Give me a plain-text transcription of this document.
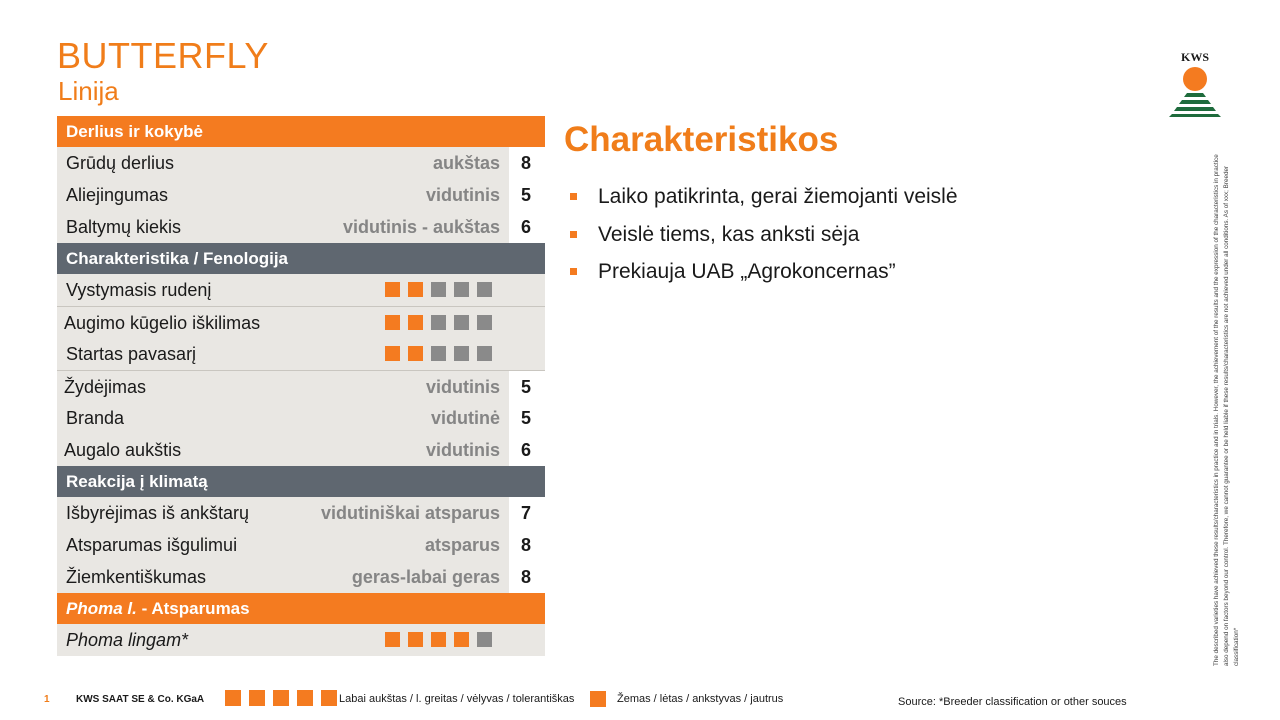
BUTTERFLY
Linija
Derlius ir kokybė
Grūdų derlius	aukštas 8
Aliejingumas	vidutinis 5
Baltymų kiekis	vidutinis - aukštas 6
Charakteristika / Fenologija
Vystymasis rudenį
Augimo kūgelio iškilimas
Startas pavasarį
Žydėjimas	vidutinis 5
Branda	vidutinė 5
Augalo aukštis	vidutinis 6
Reakcija į klimatą
Išbyrėjimas iš ankštarų	vidutiniškai atsparus 7
Atsparumas išgulimui	atsparus 8
Žiemkentiškumas	geras-labai geras 8
Phoma l. - Atsparumas
Phoma lingam*
Charakteristikos
Laiko patikrinta, gerai žiemojanti veislė
Veislė tiems, kas anksti sėja
Prekiauja UAB „Agrokoncernas”
KWS
The described varieties have achieved these results/characteristics in practice and in trials. However, the achievement of the results and the expression of the characteristics in practice also depend on factors beyond our control. Therefore, we cannot guarantee or be held liable if these results/characteristics are not achieved under all conditions. As of xxx; Breeder classification*
1	KWS SAAT SE & Co. KGaA	Labai aukštas / l. greitas / vėlyvas / tolerantiškas	Žemas / lėtas / ankstyvas / jautrus	Source: *Breeder classification or other souces
